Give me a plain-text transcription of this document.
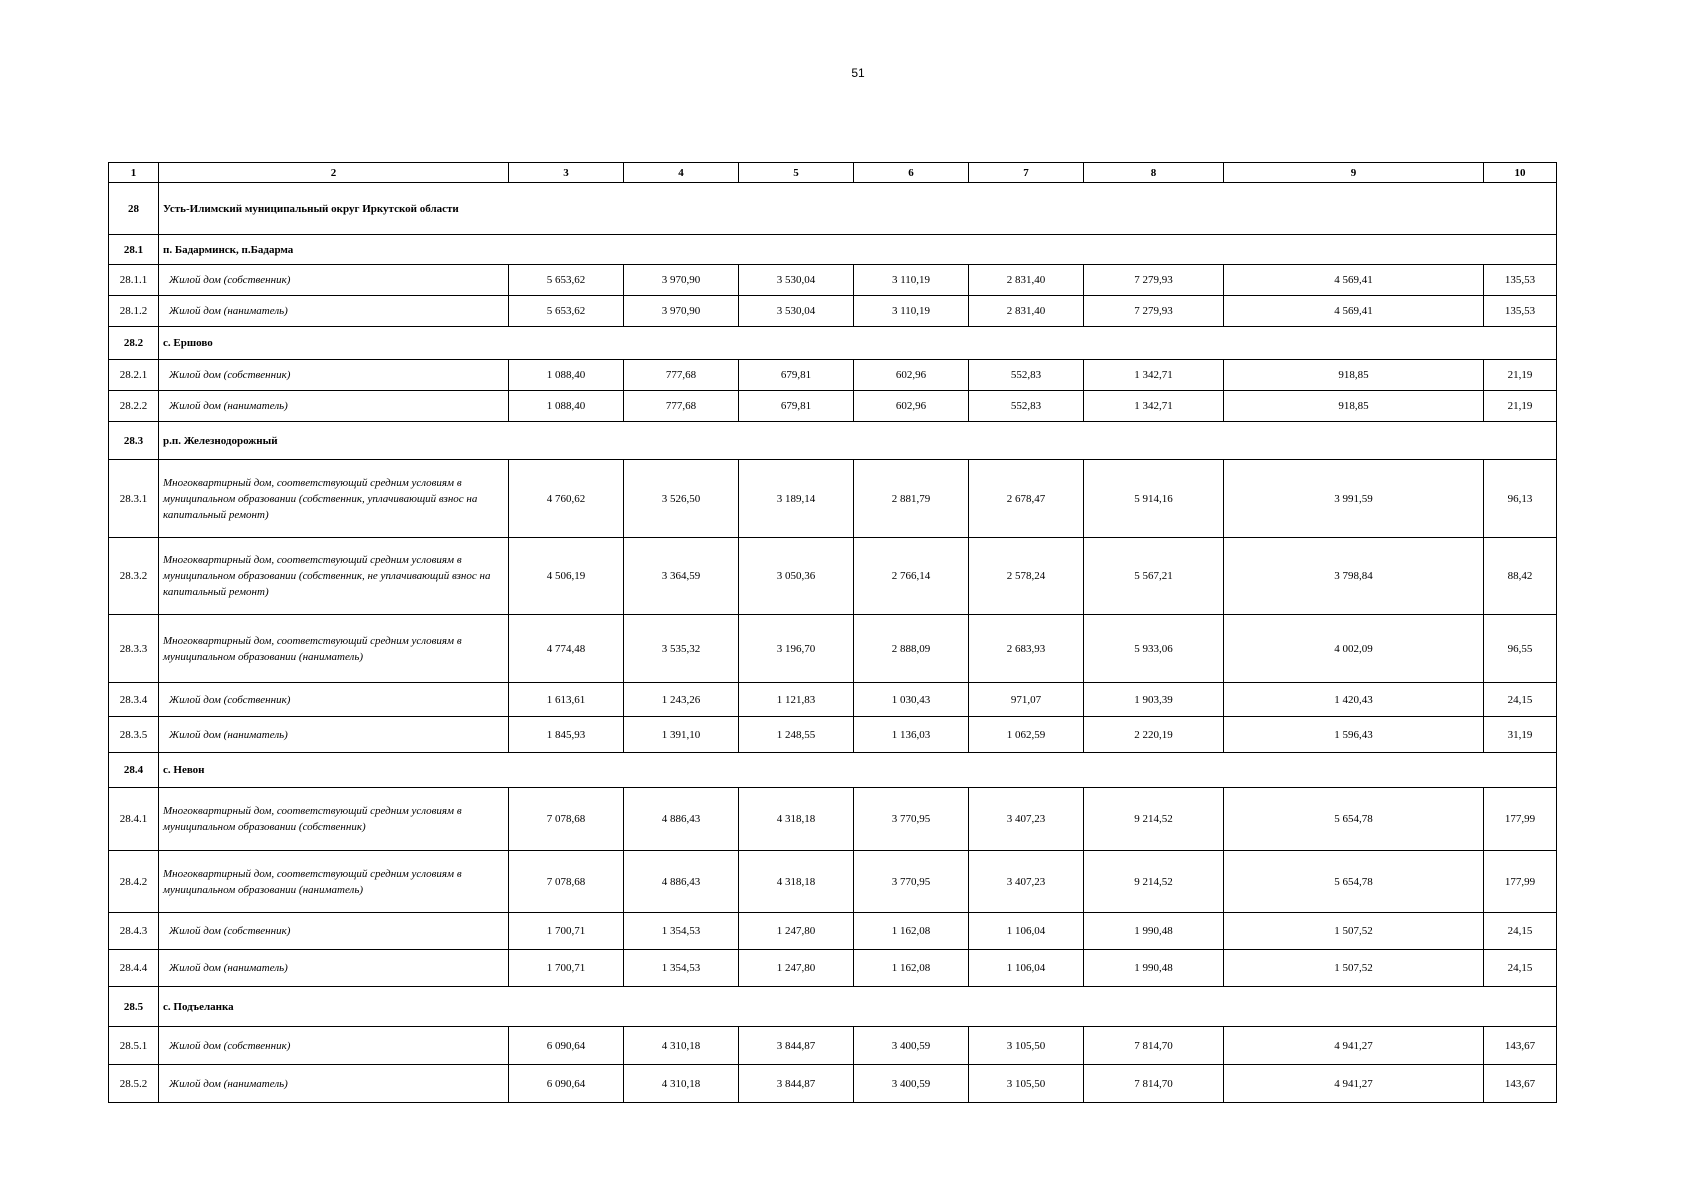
51
1	2	3	4	5	6	7	8	9	10
28	Усть-Илимский муниципальный округ Иркутской области								
28.1	п. Бадарминск, п.Бадарма								
28.1.1	Жилой дом (собственник)	5 653,62	3 970,90	3 530,04	3 110,19	2 831,40	7 279,93	4 569,41	135,53
28.1.2	Жилой дом (наниматель)	5 653,62	3 970,90	3 530,04	3 110,19	2 831,40	7 279,93	4 569,41	135,53
28.2	с. Ершово								
28.2.1	Жилой дом (собственник)	1 088,40	777,68	679,81	602,96	552,83	1 342,71	918,85	21,19
28.2.2	Жилой дом (наниматель)	1 088,40	777,68	679,81	602,96	552,83	1 342,71	918,85	21,19
28.3	р.п. Железнодорожный								
28.3.1	Многоквартирный дом, соответствующий средним условиям в муниципальном образовании (собственник, уплачивающий взнос на капитальный ремонт)	4 760,62	3 526,50	3 189,14	2 881,79	2 678,47	5 914,16	3 991,59	96,13
28.3.2	Многоквартирный дом, соответствующий средним условиям в муниципальном образовании (собственник, не уплачивающий взнос на капитальный ремонт)	4 506,19	3 364,59	3 050,36	2 766,14	2 578,24	5 567,21	3 798,84	88,42
28.3.3	Многоквартирный дом, соответствующий средним условиям в муниципальном образовании (наниматель)	4 774,48	3 535,32	3 196,70	2 888,09	2 683,93	5 933,06	4 002,09	96,55
28.3.4	Жилой дом (собственник)	1 613,61	1 243,26	1 121,83	1 030,43	971,07	1 903,39	1 420,43	24,15
28.3.5	Жилой дом (наниматель)	1 845,93	1 391,10	1 248,55	1 136,03	1 062,59	2 220,19	1 596,43	31,19
28.4	с. Невон								
28.4.1	Многоквартирный дом, соответствующий средним условиям в муниципальном образовании (собственник)	7 078,68	4 886,43	4 318,18	3 770,95	3 407,23	9 214,52	5 654,78	177,99
28.4.2	Многоквартирный дом, соответствующий средним условиям в муниципальном образовании (наниматель)	7 078,68	4 886,43	4 318,18	3 770,95	3 407,23	9 214,52	5 654,78	177,99
28.4.3	Жилой дом (собственник)	1 700,71	1 354,53	1 247,80	1 162,08	1 106,04	1 990,48	1 507,52	24,15
28.4.4	Жилой дом (наниматель)	1 700,71	1 354,53	1 247,80	1 162,08	1 106,04	1 990,48	1 507,52	24,15
28.5	с. Подъеланка								
28.5.1	Жилой дом (собственник)	6 090,64	4 310,18	3 844,87	3 400,59	3 105,50	7 814,70	4 941,27	143,67
28.5.2	Жилой дом (наниматель)	6 090,64	4 310,18	3 844,87	3 400,59	3 105,50	7 814,70	4 941,27	143,67
